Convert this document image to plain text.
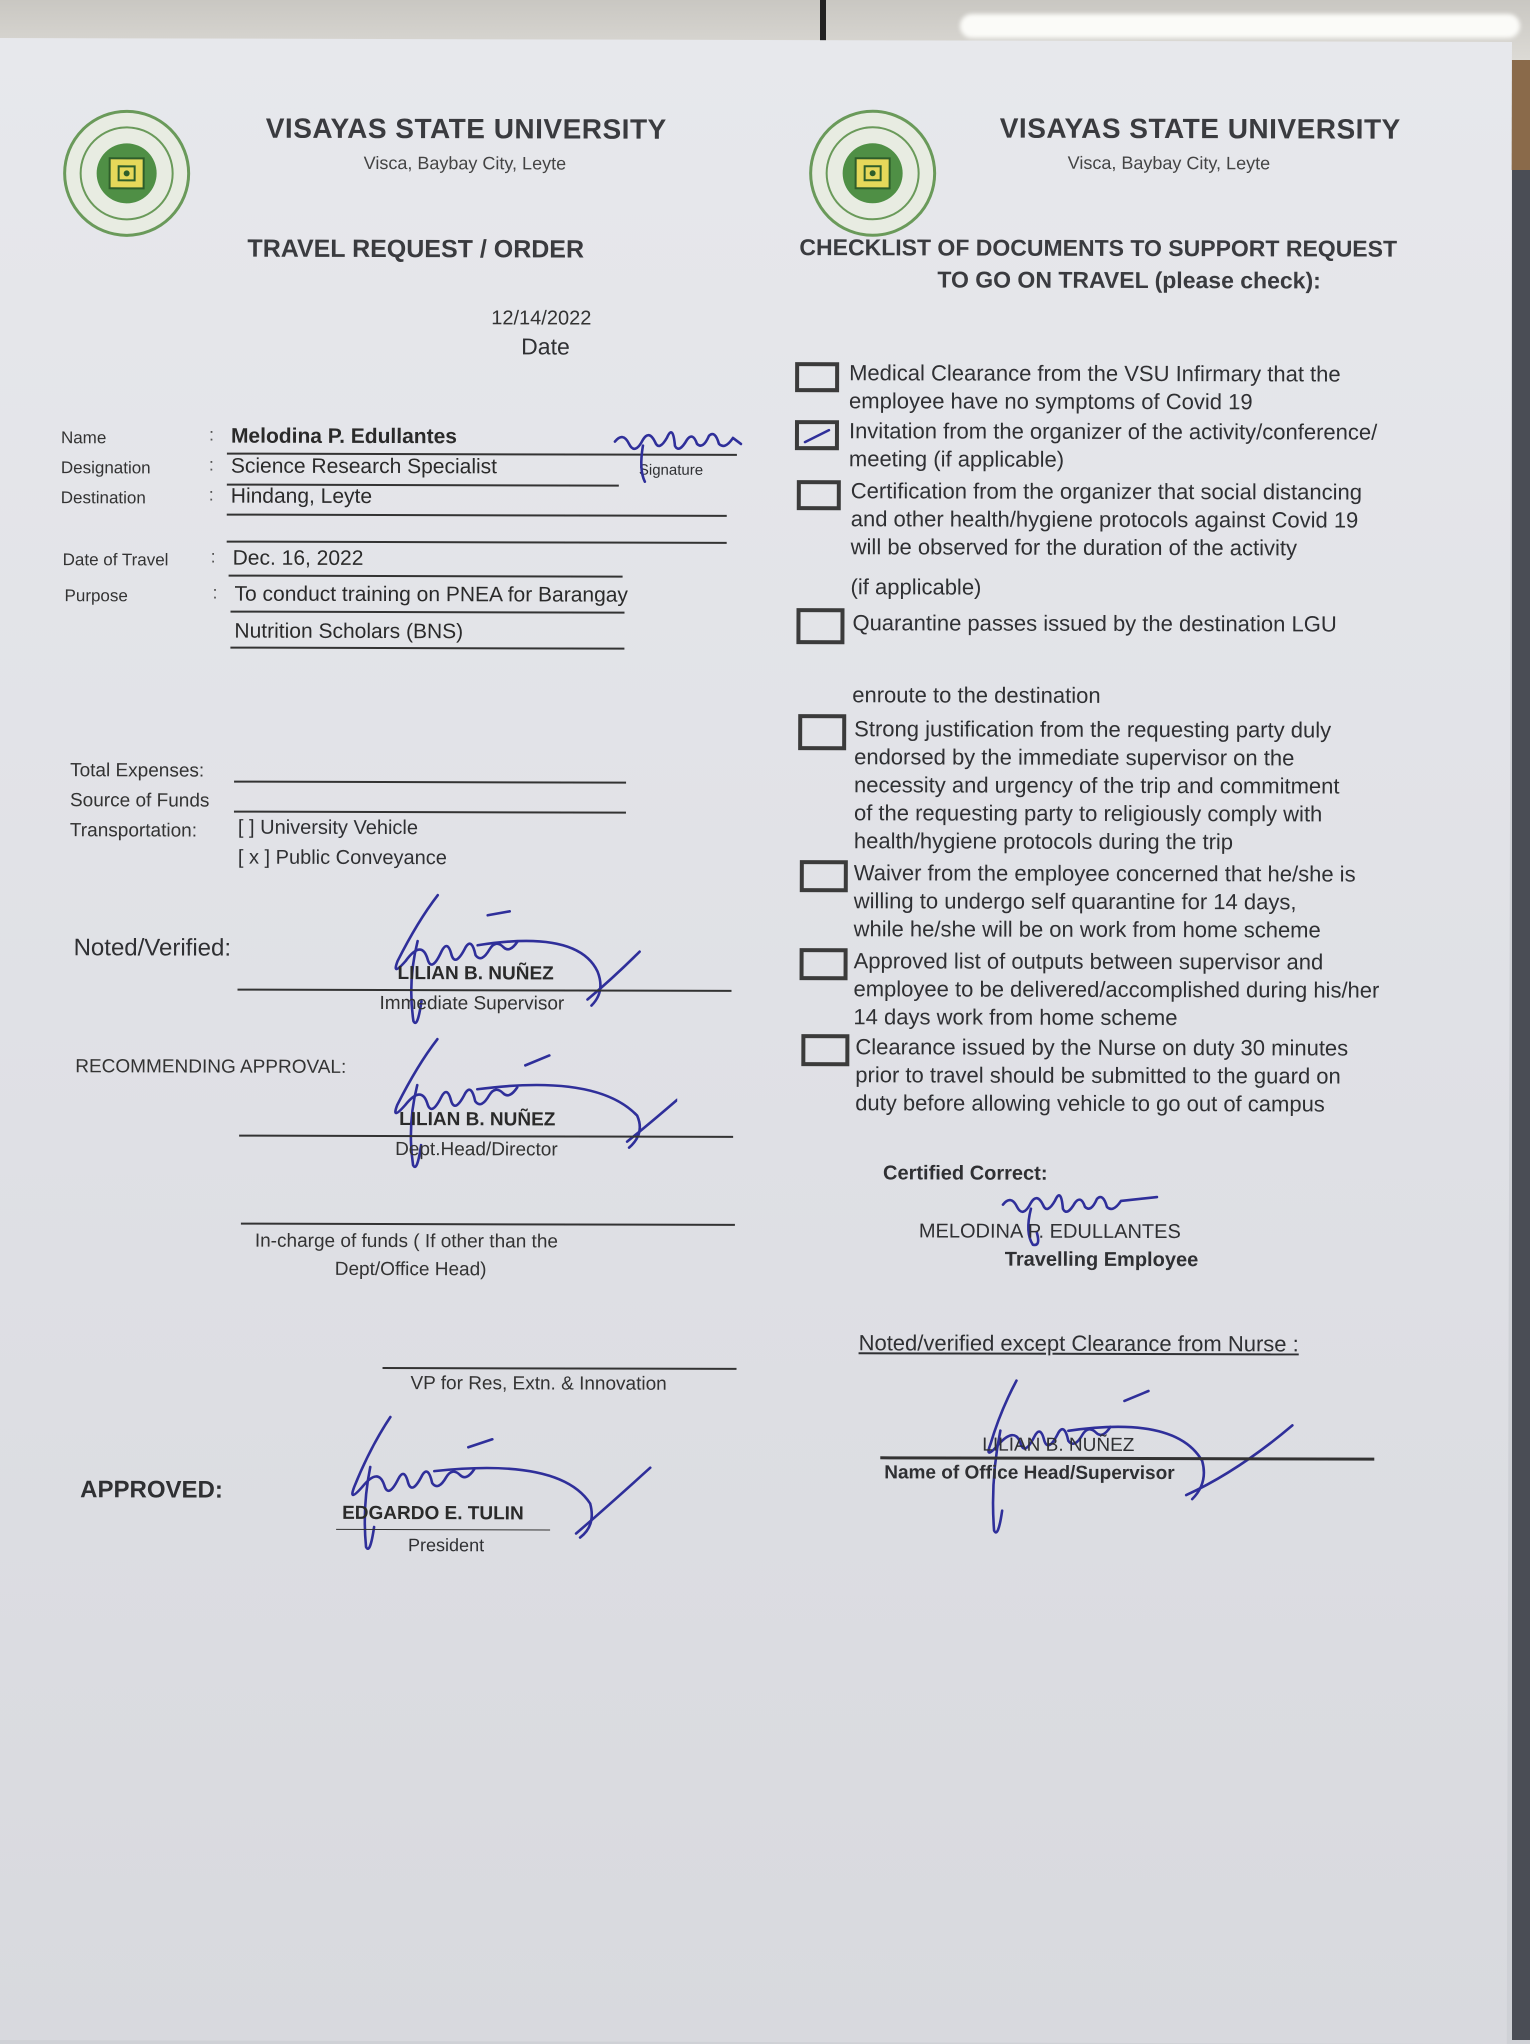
VISAYAS STATE UNIVERSITY
Visca, Baybay City, Leyte
TRAVEL REQUEST / ORDER
12/14/2022
Date
Name	: Melodina P. Edullantes
Designation	: Science Research Specialist	Signature
Destination	: Hindang, Leyte
Date of Travel : Dec. 16, 2022
Purpose	: To conduct training on PNEA for Barangay
Nutrition Scholars (BNS)
Total Expenses:
Source of Funds
Transportation: [ ] University Vehicle
[ x ] Public Conveyance
Noted/Verified:
LILIAN B. NUÑEZ
Immediate Supervisor
RECOMMENDING APPROVAL:
LILIAN B. NUÑEZ
Dept.Head/Director
In-charge of funds ( If other than the
Dept/Office Head)
VP for Res, Extn. & Innovation
APPROVED:
EDGARDO E. TULIN
President
VISAYAS STATE UNIVERSITY
Visca, Baybay City, Leyte
CHECKLIST OF DOCUMENTS TO SUPPORT REQUEST
TO GO ON TRAVEL (please check):
Medical Clearance from the VSU Infirmary that the
employee have no symptoms of Covid 19
Invitation from the organizer of the activity/conference/
meeting (if applicable)
Certification from the organizer that social distancing
and other health/hygiene protocols against Covid 19
will be observed for the duration of the activity
(if applicable)
Quarantine passes issued by the destination LGU
enroute to the destination
Strong justification from the requesting party duly
endorsed by the immediate supervisor on the
necessity and urgency of the trip and commitment
of the requesting party to religiously comply with
health/hygiene protocols during the trip
Waiver from the employee concerned that he/she is
willing to undergo self quarantine for 14 days,
while he/she will be on work from home scheme
Approved list of outputs between supervisor and
employee to be delivered/accomplished during his/her
14 days work from home scheme
Clearance issued by the Nurse on duty 30 minutes
prior to travel should be submitted to the guard on
duty before allowing vehicle to go out of campus
Certified Correct:
MELODINA P. EDULLANTES
Travelling Employee
Noted/verified except Clearance from Nurse :
LILIAN B. NUÑEZ
Name of Office Head/Supervisor
